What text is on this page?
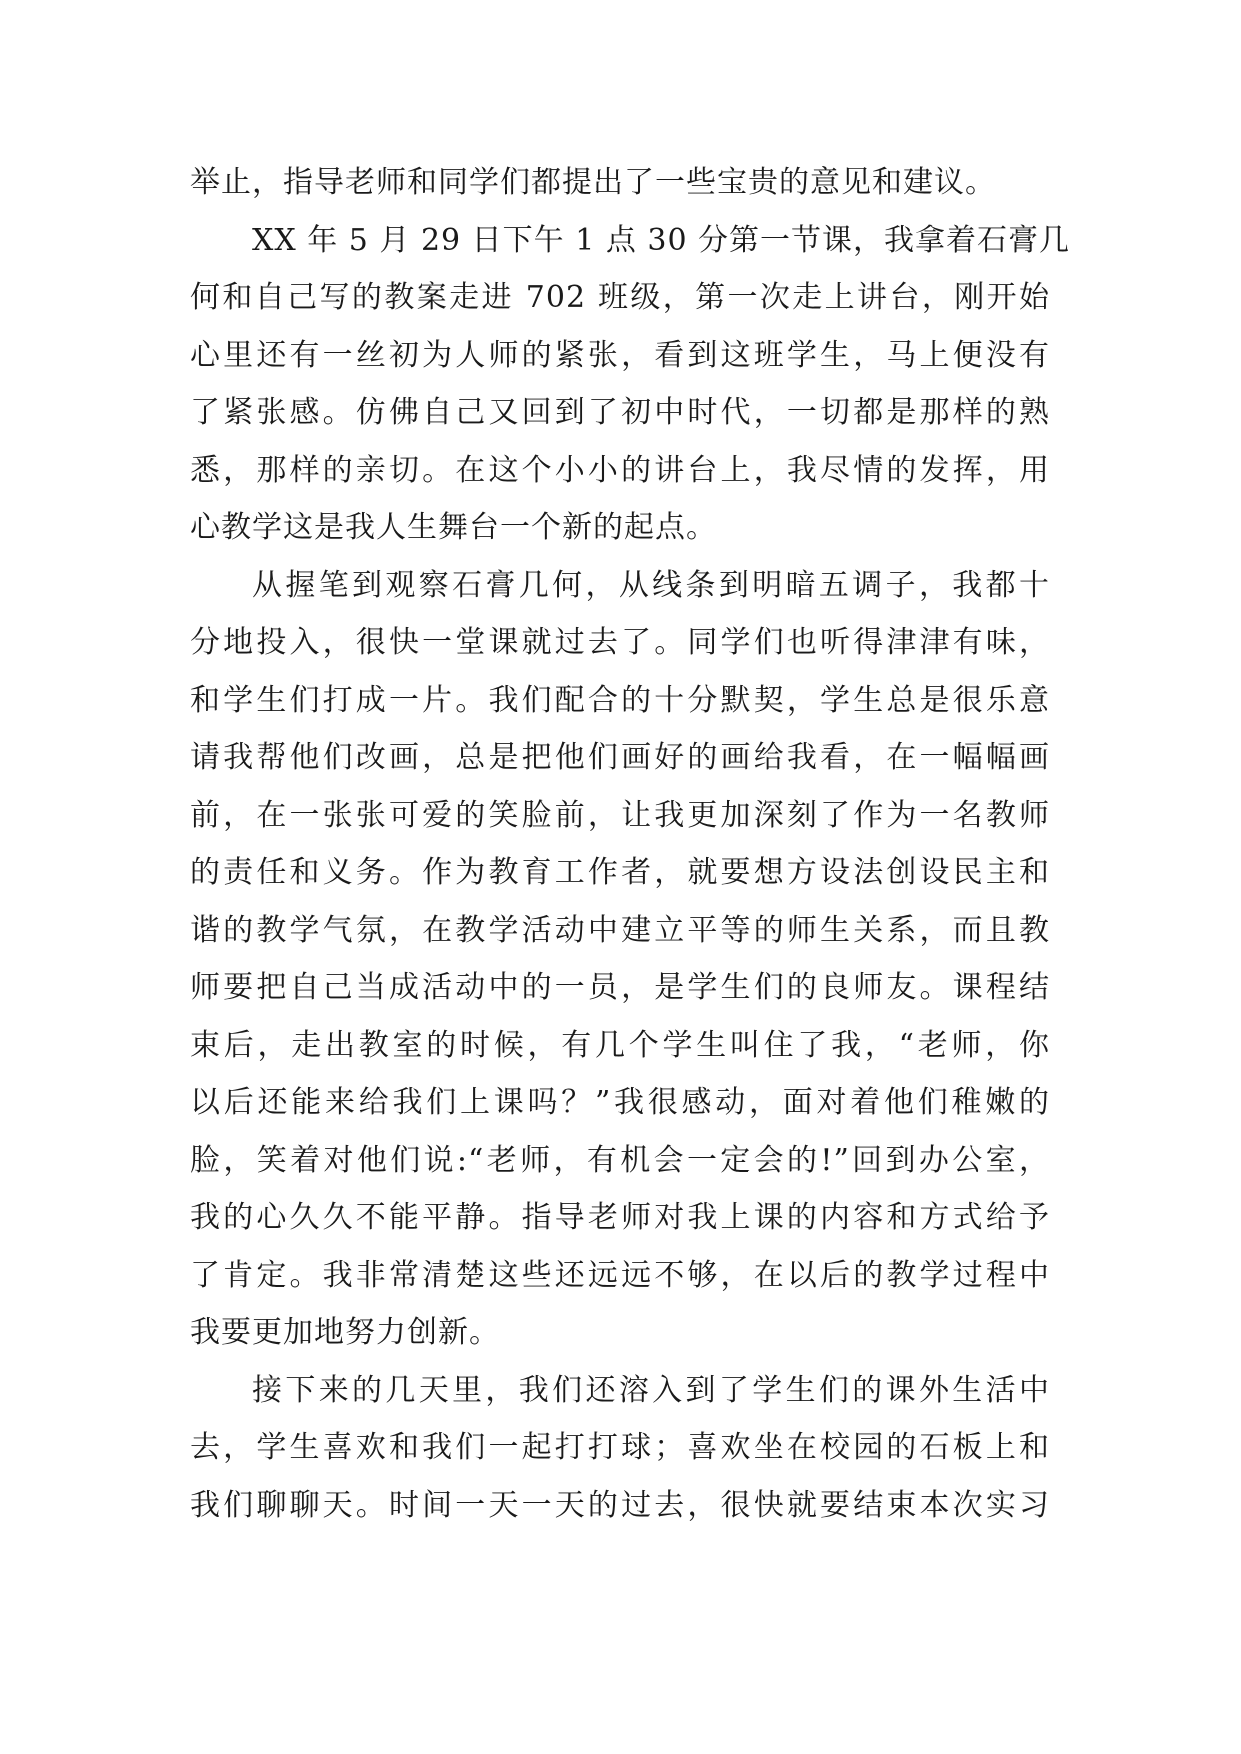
举止，指导老师和同学们都提出了一些宝贵的意见和建议。
XX 年 5 月 29 日下午 1 点 30 分第一节课，我拿着石膏几
何和自己写的教案走进 702 班级，第一次走上讲台，刚开始
心里还有一丝初为人师的紧张，看到这班学生，马上便没有
了紧张感。仿佛自己又回到了初中时代，一切都是那样的熟
悉，那样的亲切。在这个小小的讲台上，我尽情的发挥，用
心教学这是我人生舞台一个新的起点。
从握笔到观察石膏几何，从线条到明暗五调子，我都十
分地投入，很快一堂课就过去了。同学们也听得津津有味，
和学生们打成一片。我们配合的十分默契，学生总是很乐意
请我帮他们改画，总是把他们画好的画给我看，在一幅幅画
前，在一张张可爱的笑脸前，让我更加深刻了作为一名教师
的责任和义务。作为教育工作者，就要想方设法创设民主和
谐的教学气氛，在教学活动中建立平等的师生关系，而且教
师要把自己当成活动中的一员，是学生们的良师友。课程结
束后，走出教室的时候，有几个学生叫住了我，“老师，你
以后还能来给我们上课吗？”我很感动，面对着他们稚嫩的
脸，笑着对他们说:“老师，有机会一定会的!”回到办公室，
我的心久久不能平静。指导老师对我上课的内容和方式给予
了肯定。我非常清楚这些还远远不够，在以后的教学过程中
我要更加地努力创新。
接下来的几天里，我们还溶入到了学生们的课外生活中
去，学生喜欢和我们一起打打球；喜欢坐在校园的石板上和
我们聊聊天。时间一天一天的过去，很快就要结束本次实习
